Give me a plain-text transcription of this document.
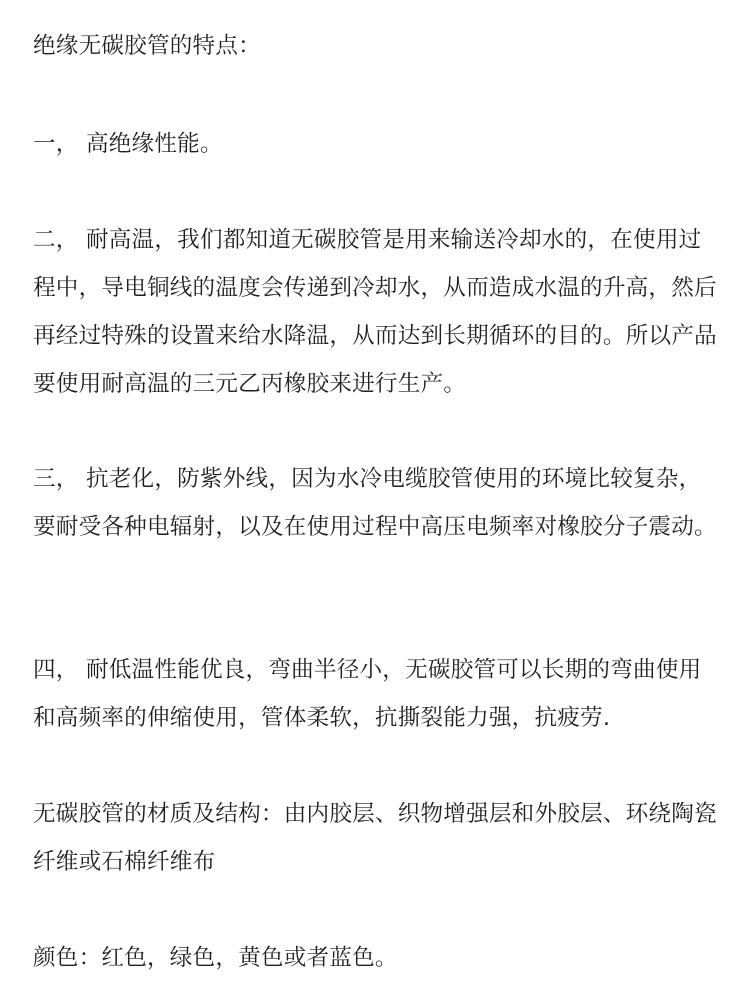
绝缘无碳胶管的特点：

一， 高绝缘性能。

二， 耐高温，我们都知道无碳胶管是用来输送冷却水的，在使用过程中，导电铜线的温度会传递到冷却水，从而造成水温的升高，然后再经过特殊的设置来给水降温，从而达到长期循环的目的。所以产品要使用耐高温的三元乙丙橡胶来进行生产。

三， 抗老化，防紫外线，因为水冷电缆胶管使用的环境比较复杂，要耐受各种电辐射，以及在使用过程中高压电频率对橡胶分子震动。

四， 耐低温性能优良，弯曲半径小，无碳胶管可以长期的弯曲使用和高频率的伸缩使用，管体柔软，抗撕裂能力强，抗疲劳.

无碳胶管的材质及结构：由内胶层、织物增强层和外胶层、环绕陶瓷纤维或石棉纤维布

颜色：红色，绿色，黄色或者蓝色。
